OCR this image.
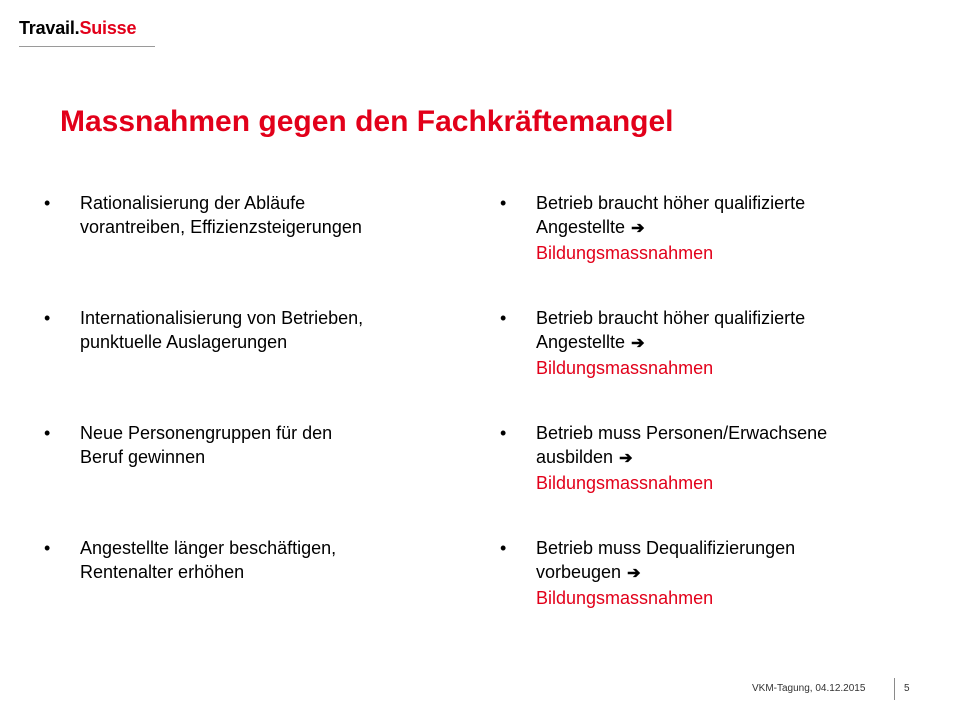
Travail.Suisse
Massnahmen gegen den Fachkräftemangel
•	Rationalisierung der Abläufe
vorantreiben, Effizienzsteigerungen
•	Internationalisierung von Betrieben,
punktuelle Auslagerungen
•	Neue Personengruppen für den
Beruf gewinnen
•	Angestellte länger beschäftigen,
Rentenalter erhöhen
•	Betrieb braucht höher qualifizierte
Angestellte ➔
Bildungsmassnahmen
•	Betrieb braucht höher qualifizierte
Angestellte ➔
Bildungsmassnahmen
•	Betrieb muss Personen/Erwachsene
ausbilden ➔
Bildungsmassnahmen
•	Betrieb muss Dequalifizierungen
vorbeugen ➔
Bildungsmassnahmen
VKM-Tagung, 04.12.2015	5
